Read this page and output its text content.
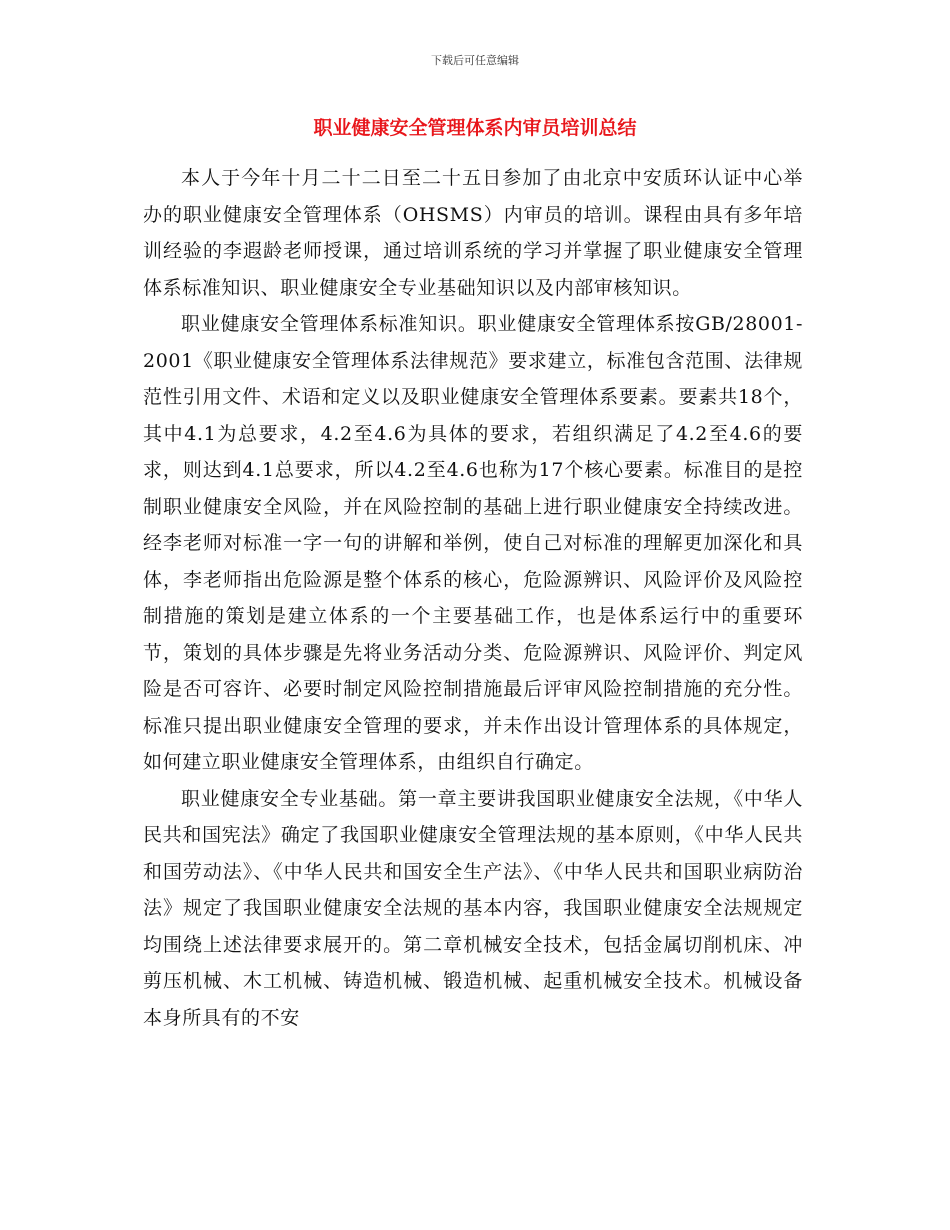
下载后可任意编辑
职业健康安全管理体系内审员培训总结

本人于今年十月二十二日至二十五日参加了由北京中安质环认证中心举办的职业健康安全管理体系（OHSMS）内审员的培训。课程由具有多年培训经验的李遐龄老师授课，通过培训系统的学习并掌握了职业健康安全管理体系标准知识、职业健康安全专业基础知识以及内部审核知识。

职业健康安全管理体系标准知识。职业健康安全管理体系按GB/28001-2001《职业健康安全管理体系法律规范》要求建立，标准包含范围、法律规范性引用文件、术语和定义以及职业健康安全管理体系要素。要素共18个，其中4.1为总要求，4.2至4.6为具体的要求，若组织满足了4.2至4.6的要求，则达到4.1总要求，所以4.2至4.6也称为17个核心要素。标准目的是控制职业健康安全风险，并在风险控制的基础上进行职业健康安全持续改进。经李老师对标准一字一句的讲解和举例，使自己对标准的理解更加深化和具体，李老师指出危险源是整个体系的核心，危险源辨识、风险评价及风险控制措施的策划是建立体系的一个主要基础工作，也是体系运行中的重要环节，策划的具体步骤是先将业务活动分类、危险源辨识、风险评价、判定风险是否可容许、必要时制定风险控制措施最后评审风险控制措施的充分性。标准只提出职业健康安全管理的要求，并未作出设计管理体系的具体规定，如何建立职业健康安全管理体系，由组织自行确定。

职业健康安全专业基础。第一章主要讲我国职业健康安全法规，《中华人民共和国宪法》确定了我国职业健康安全管理法规的基本原则，《中华人民共和国劳动法》、《中华人民共和国安全生产法》、《中华人民共和国职业病防治法》规定了我国职业健康安全法规的基本内容，我国职业健康安全法规规定均围绕上述法律要求展开的。第二章机械安全技术，包括金属切削机床、冲剪压机械、木工机械、铸造机械、锻造机械、起重机械安全技术。机械设备本身所具有的不安
